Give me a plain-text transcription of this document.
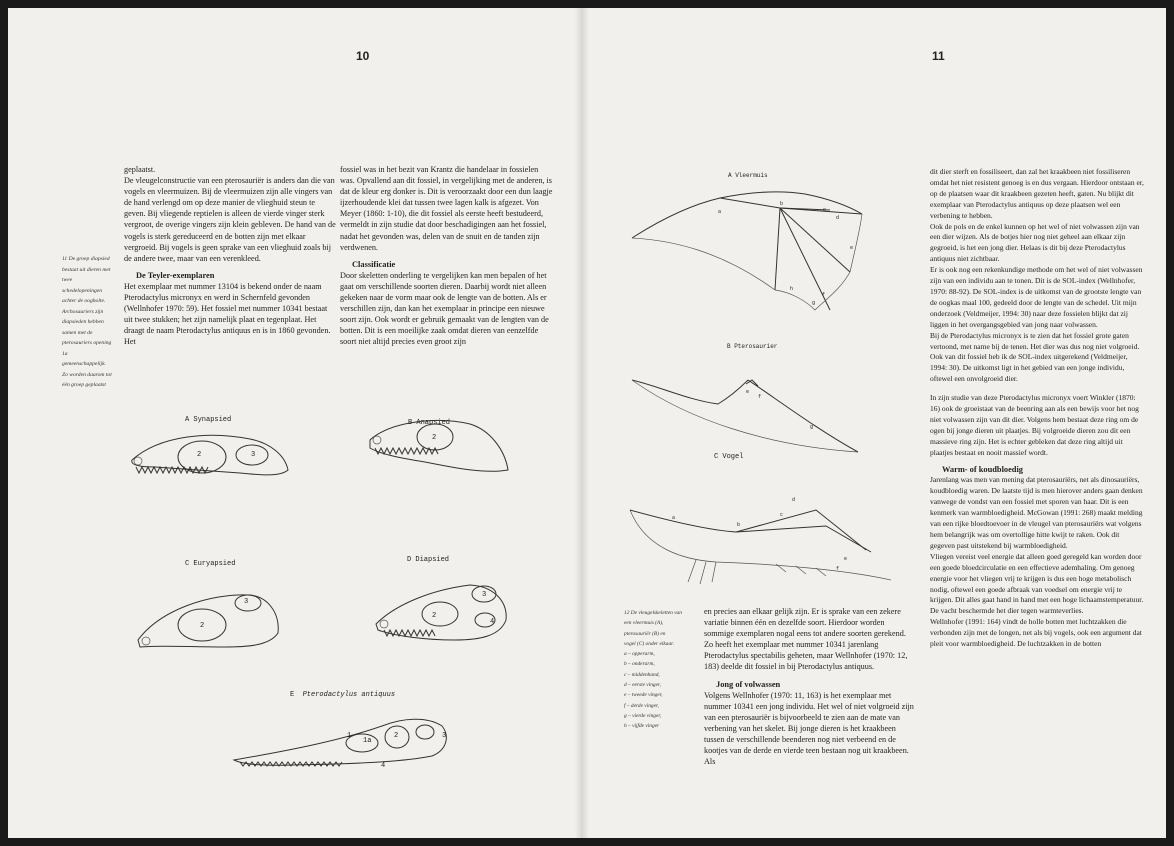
10
11 De groep diapsied bestaat uit dieren met twee schedelopeningen achter de oogholte. Archosauriers zijn diapsieden hebben samen met de pterosauriers opening 1a gemeenschappelijk. Zo worden daarom tot één groep geplaatst

geplaatst.

De vleugelconstructie van een pterosauriër is anders dan die van vogels en vleermuizen. Bij de vleermuizen zijn alle vingers van de hand verlengd om op deze manier de vlieghuid steun te geven. Bij vliegende reptielen is alleen de vierde vinger sterk vergroot, de overige vingers zijn klein gebleven. De hand van de vogels is sterk gereduceerd en de botten zijn met elkaar vergroeid. Bij vogels is geen sprake van een vlieghuid zoals bij de andere twee, maar van een verenkleed.

De Teyler-exemplaren

Het exemplaar met nummer 13104 is bekend onder de naam Pterodactylus micronyx en werd in Schernfeld gevonden (Wellnhofer 1970: 59). Het fossiel met nummer 10341 bestaat uit twee stukken; het zijn namelijk plaat en tegenplaat. Het draagt de naam Pterodactylus antiquus en is in 1860 gevonden. Het

fossiel was in het bezit van Krantz die handelaar in fossielen was. Opvallend aan dit fossiel, in vergelijking met de anderen, is dat de kleur erg donker is. Dit is veroorzaakt door een dun laagje ijzerhoudende klei dat tussen twee lagen kalk is afgezet. Von Meyer (1860: 1-10), die dit fossiel als eerste heeft bestudeerd, vermeldt in zijn studie dat door beschadigingen aan het fossiel, nadat het gevonden was, delen van de snuit en de tanden zijn verdwenen.

Classificatie

Door skeletten onderling te vergelijken kan men bepalen of het gaat om verschillende soorten dieren. Daarbij wordt niet alleen gekeken naar de vorm maar ook de lengte van de botten. Als er verschillen zijn, dan kan het exemplaar in principe een nieuwe soort zijn. Ook wordt er gebruik gemaakt van de lengten van de botten. Dit is een moeilijke zaak omdat dieren van eenzelfde soort niet altijd precies even groot zijn

A Synapsied	B Anapsied
C Euryapsied	D Diapsied
E Pterodactylus antiquus
2	3
2
2
3
2
3
4
1
1a
2	3
4
11
A Vleermuis
B Pterosaurier
C Vogel
a
b
c
d
e
f
g
h
e
f
g
a
b
c
d
e
f
12 De vleugelskeletten van een vleermuis (A),
pterosauriër (B) en
vogel (C) onder elkaar.
a – opperarm,
b – onderarm,
c – middenhand,
d – eerste vinger,
e – tweede vinger,
f – derde vinger,
g – vierde vinger,
h – vijfde vinger

en precies aan elkaar gelijk zijn. Er is sprake van een zekere variatie binnen één en dezelfde soort. Hierdoor worden sommige exemplaren nogal eens tot andere soorten gerekend. Zo heeft het exemplaar met nummer 10341 jarenlang Pterodactylus spectabilis geheten, maar Wellnhofer (1970: 12, 183) deelde dit fossiel in bij Pterodactylus antiquus.

Jong of volwassen

Volgens Wellnhofer (1970: 11, 163) is het exemplaar met nummer 10341 een jong individu. Het wel of niet volgroeid zijn van een pterosauriër is bijvoorbeeld te zien aan de mate van verbening van het skelet. Bij jonge dieren is het kraakbeen tussen de verschillende beenderen nog niet verbeend en de kootjes van de derde en vierde teen bestaan nog uit kraakbeen. Als

dit dier sterft en fossiliseert, dan zal het kraakbeen niet fossiliseren omdat het niet resistent genoeg is en dus vergaan. Hierdoor ontstaan er, op de plaatsen waar dit kraakbeen gezeten heeft, gaten. Nu blijkt dit exemplaar van Pterodactylus antiquus op deze plaatsen wel een verbening te hebben.

Ook de pols en de enkel kunnen op het wel of niet volwassen zijn van een dier wijzen. Als de botjes hier nog niet geheel aan elkaar zijn gegroeid, is het een jong dier. Helaas is dit bij deze Pterodactylus antiquus niet zichtbaar.

Er is ook nog een rekenkundige methode om het wel of niet volwassen zijn van een individu aan te tonen. Dit is de SOL-index (Wellnhofer, 1970: 88-92). De SOL-index is de uitkomst van de grootste lengte van de oogkas maal 100, gedeeld door de lengte van de schedel. Uit mijn onderzoek (Veldmeijer, 1994: 30) naar deze fossielen blijkt dat zij liggen in het overgangsgebied van jong naar volwassen.

Bij de Pterodactylus micronyx is te zien dat het fossiel grote gaten vertoond, met name bij de tenen. Het dier was dus nog niet volgroeid. Ook van dit fossiel heb ik de SOL-index uitgerekend (Veldmeijer, 1994: 30). De uitkomst ligt in het gebied van een jonge individu, oftewel een onvolgroeid dier.

In zijn studie van deze Pterodactylus micronyx voert Winkler (1870: 16) ook de groeistaat van de beenring aan als een bewijs voor het nog niet volwassen zijn van dit dier. Volgens hem bestaat deze ring om de ogen bij jonge dieren uit plaatjes. Bij volgroeide dieren zou dit een massieve ring zijn. Het is echter gebleken dat deze ring altijd uit plaatjes bestaat en nooit massief wordt.

Warm- of koudbloedig

Jarenlang was men van mening dat pterosauriërs, net als dinosauriërs, koudbloedig waren. De laatste tijd is men hierover anders gaan denken vanwege de vondst van een fossiel met sporen van haar. Dit is een kenmerk van warmbloedigheid. McGowan (1991: 268) maakt melding van een rijke bloedtoevoer in de vleugel van pterosauriërs wat volgens hem belangrijk was om overtollige hitte kwijt te raken. Ook dit gegeven past uitstekend bij warmbloedigheid.

Vliegen vereist veel energie dat alleen goed geregeld kan worden door een goede bloedcirculatie en een effectieve ademhaling. Om genoeg energie voor het vliegen vrij te krijgen is dus een hoge metabolisch nodig, oftewel een goede afbraak van voedsel om energie vrij te krijgen. Dit alles gaat hand in hand met een hoge lichaamstemperatuur. De vacht beschermde het dier tegen warmteverlies.

Wellnhofer (1991: 164) vindt de holle botten met luchtzakken die verbonden zijn met de longen, net als bij vogels, ook een argument dat pleit voor warmbloedigheid. De luchtzakken in de botten
